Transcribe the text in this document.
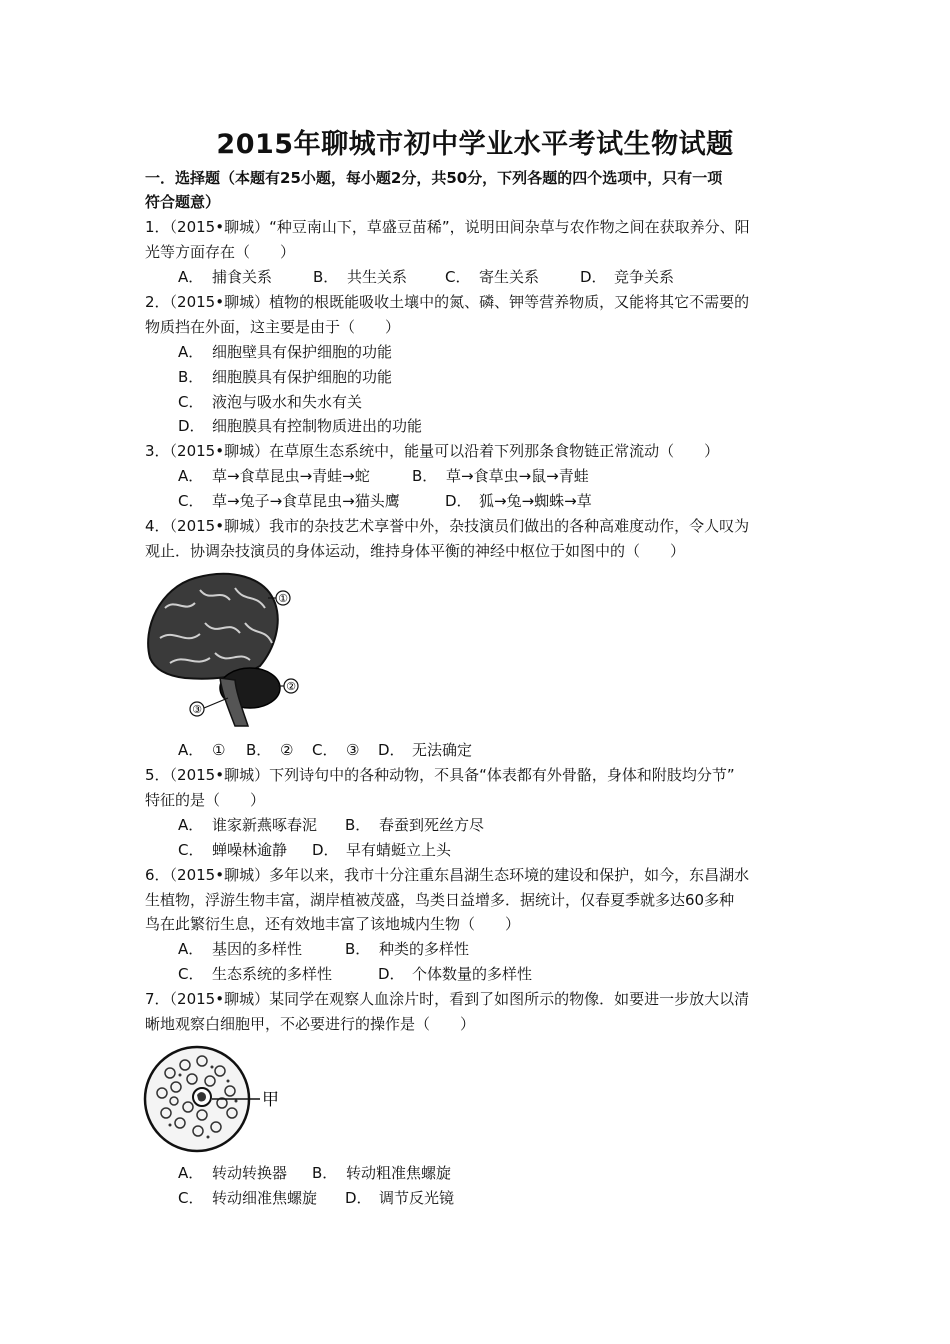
2015年聊城市初中学业水平考试生物试题
一．选择题（本题有25小题，每小题2分，共50分，下列各题的四个选项中，只有一项
符合题意）
1．（2015•聊城）“种豆南山下，草盛豆苗稀”，说明田间杂草与农作物之间在获取养分、阳
光等方面存在（　　）
A． 捕食关系	B． 共生关系	C． 寄生关系	D． 竞争关系
2．（2015•聊城）植物的根既能吸收土壤中的氮、磷、钾等营养物质，又能将其它不需要的
物质挡在外面，这主要是由于（　　）
A． 细胞壁具有保护细胞的功能
B． 细胞膜具有保护细胞的功能
C． 液泡与吸水和失水有关
D． 细胞膜具有控制物质进出的功能
3．（2015•聊城）在草原生态系统中，能量可以沿着下列那条食物链正常流动（　　）
A． 草→食草昆虫→青蛙→蛇	B． 草→食草虫→鼠→青蛙
C． 草→兔子→食草昆虫→猫头鹰	D． 狐→兔→蜘蛛→草
4．（2015•聊城）我市的杂技艺术享誉中外，杂技演员们做出的各种高难度动作，令人叹为
观止．协调杂技演员的身体运动，维持身体平衡的神经中枢位于如图中的（　　）
①
②
③
A． ① B． ② C． ③ D． 无法确定
5．（2015•聊城）下列诗句中的各种动物，不具备“体表都有外骨骼，身体和附肢均分节”
特征的是（　　）
A． 谁家新燕啄春泥 B． 春蚕到死丝方尽
C． 蝉噪林逾静 D． 早有蜻蜓立上头
6．（2015•聊城）多年以来，我市十分注重东昌湖生态环境的建设和保护，如今，东昌湖水
生植物，浮游生物丰富，湖岸植被茂盛，鸟类日益增多．据统计，仅春夏季就多达60多种
鸟在此繁衍生息，还有效地丰富了该地城内生物（　　）
A． 基因的多样性	B． 种类的多样性
C． 生态系统的多样性	D． 个体数量的多样性
7．（2015•聊城）某同学在观察人血涂片时，看到了如图所示的物像．如要进一步放大以清
晰地观察白细胞甲，不必要进行的操作是（　　）
甲
A． 转动转换器 B． 转动粗准焦螺旋
C． 转动细准焦螺旋 D． 调节反光镜
